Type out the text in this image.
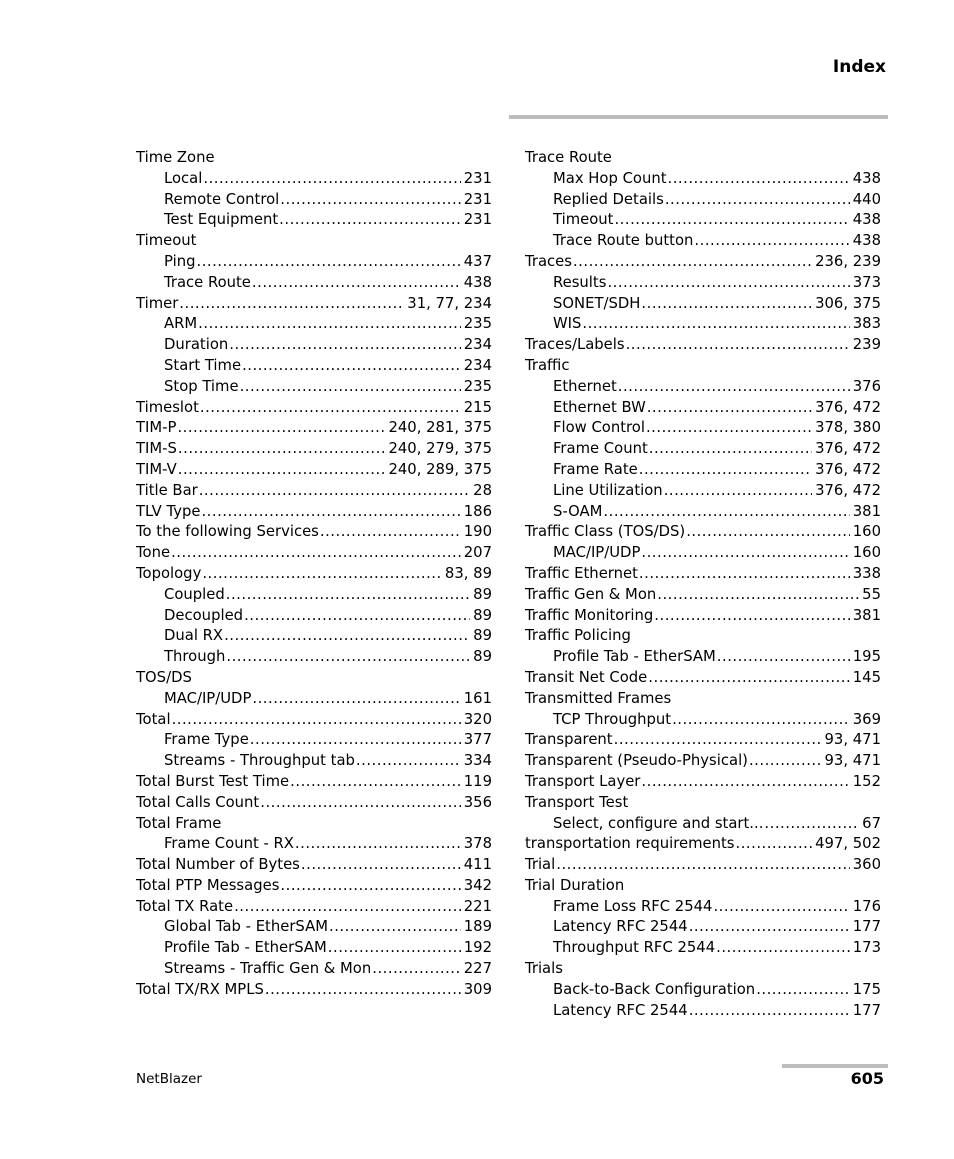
Index
Time Zone
Local .....	231
Remote Control .....	231
Test Equipment .....	231
Timeout
Ping .....	437
Trace Route .....	438
Timer .....	31, 77, 234
ARM .....	235
Duration .....	234
Start Time .....	234
Stop Time .....	235
Timeslot .....	215
TIM-P .....	240, 281, 375
TIM-S .....	240, 279, 375
TIM-V .....	240, 289, 375
Title Bar .....	28
TLV Type .....	186
To the following Services .....	190
Tone .....	207
Topology .....	83, 89
Coupled .....	89
Decoupled .....	89
Dual RX .....	89
Through .....	89
TOS/DS
MAC/IP/UDP .....	161
Total .....	320
Frame Type .....	377
Streams - Throughput tab .....	334
Total Burst Test Time .....	119
Total Calls Count .....	356
Total Frame
Frame Count - RX .....	378
Total Number of Bytes .....	411
Total PTP Messages .....	342
Total TX Rate .....	221
Global Tab - EtherSAM .....	189
Profile Tab - EtherSAM .....	192
Streams - Traffic Gen & Mon .....	227
Total TX/RX MPLS .....	309
Trace Route
Max Hop Count .....	438
Replied Details .....	440
Timeout .....	438
Trace Route button .....	438
Traces .....	236, 239
Results .....	373
SONET/SDH .....	306, 375
WIS .....	383
Traces/Labels .....	239
Traffic
Ethernet .....	376
Ethernet BW .....	376, 472
Flow Control .....	378, 380
Frame Count .....	376, 472
Frame Rate .....	376, 472
Line Utilization .....	376, 472
S-OAM .....	381
Traffic Class (TOS/DS) .....	160
MAC/IP/UDP .....	160
Traffic Ethernet .....	338
Traffic Gen & Mon .....	55
Traffic Monitoring .....	381
Traffic Policing
Profile Tab - EtherSAM .....	195
Transit Net Code .....	145
Transmitted Frames
TCP Throughput .....	369
Transparent .....	93, 471
Transparent (Pseudo-Physical) .....	93, 471
Transport Layer .....	152
Transport Test
Select, configure and start... .....	67
transportation requirements .....	497, 502
Trial .....	360
Trial Duration
Frame Loss RFC 2544 .....	176
Latency RFC 2544 .....	177
Throughput RFC 2544 .....	173
Trials
Back-to-Back Configuration .....	175
Latency RFC 2544 .....	177
NetBlazer	605
